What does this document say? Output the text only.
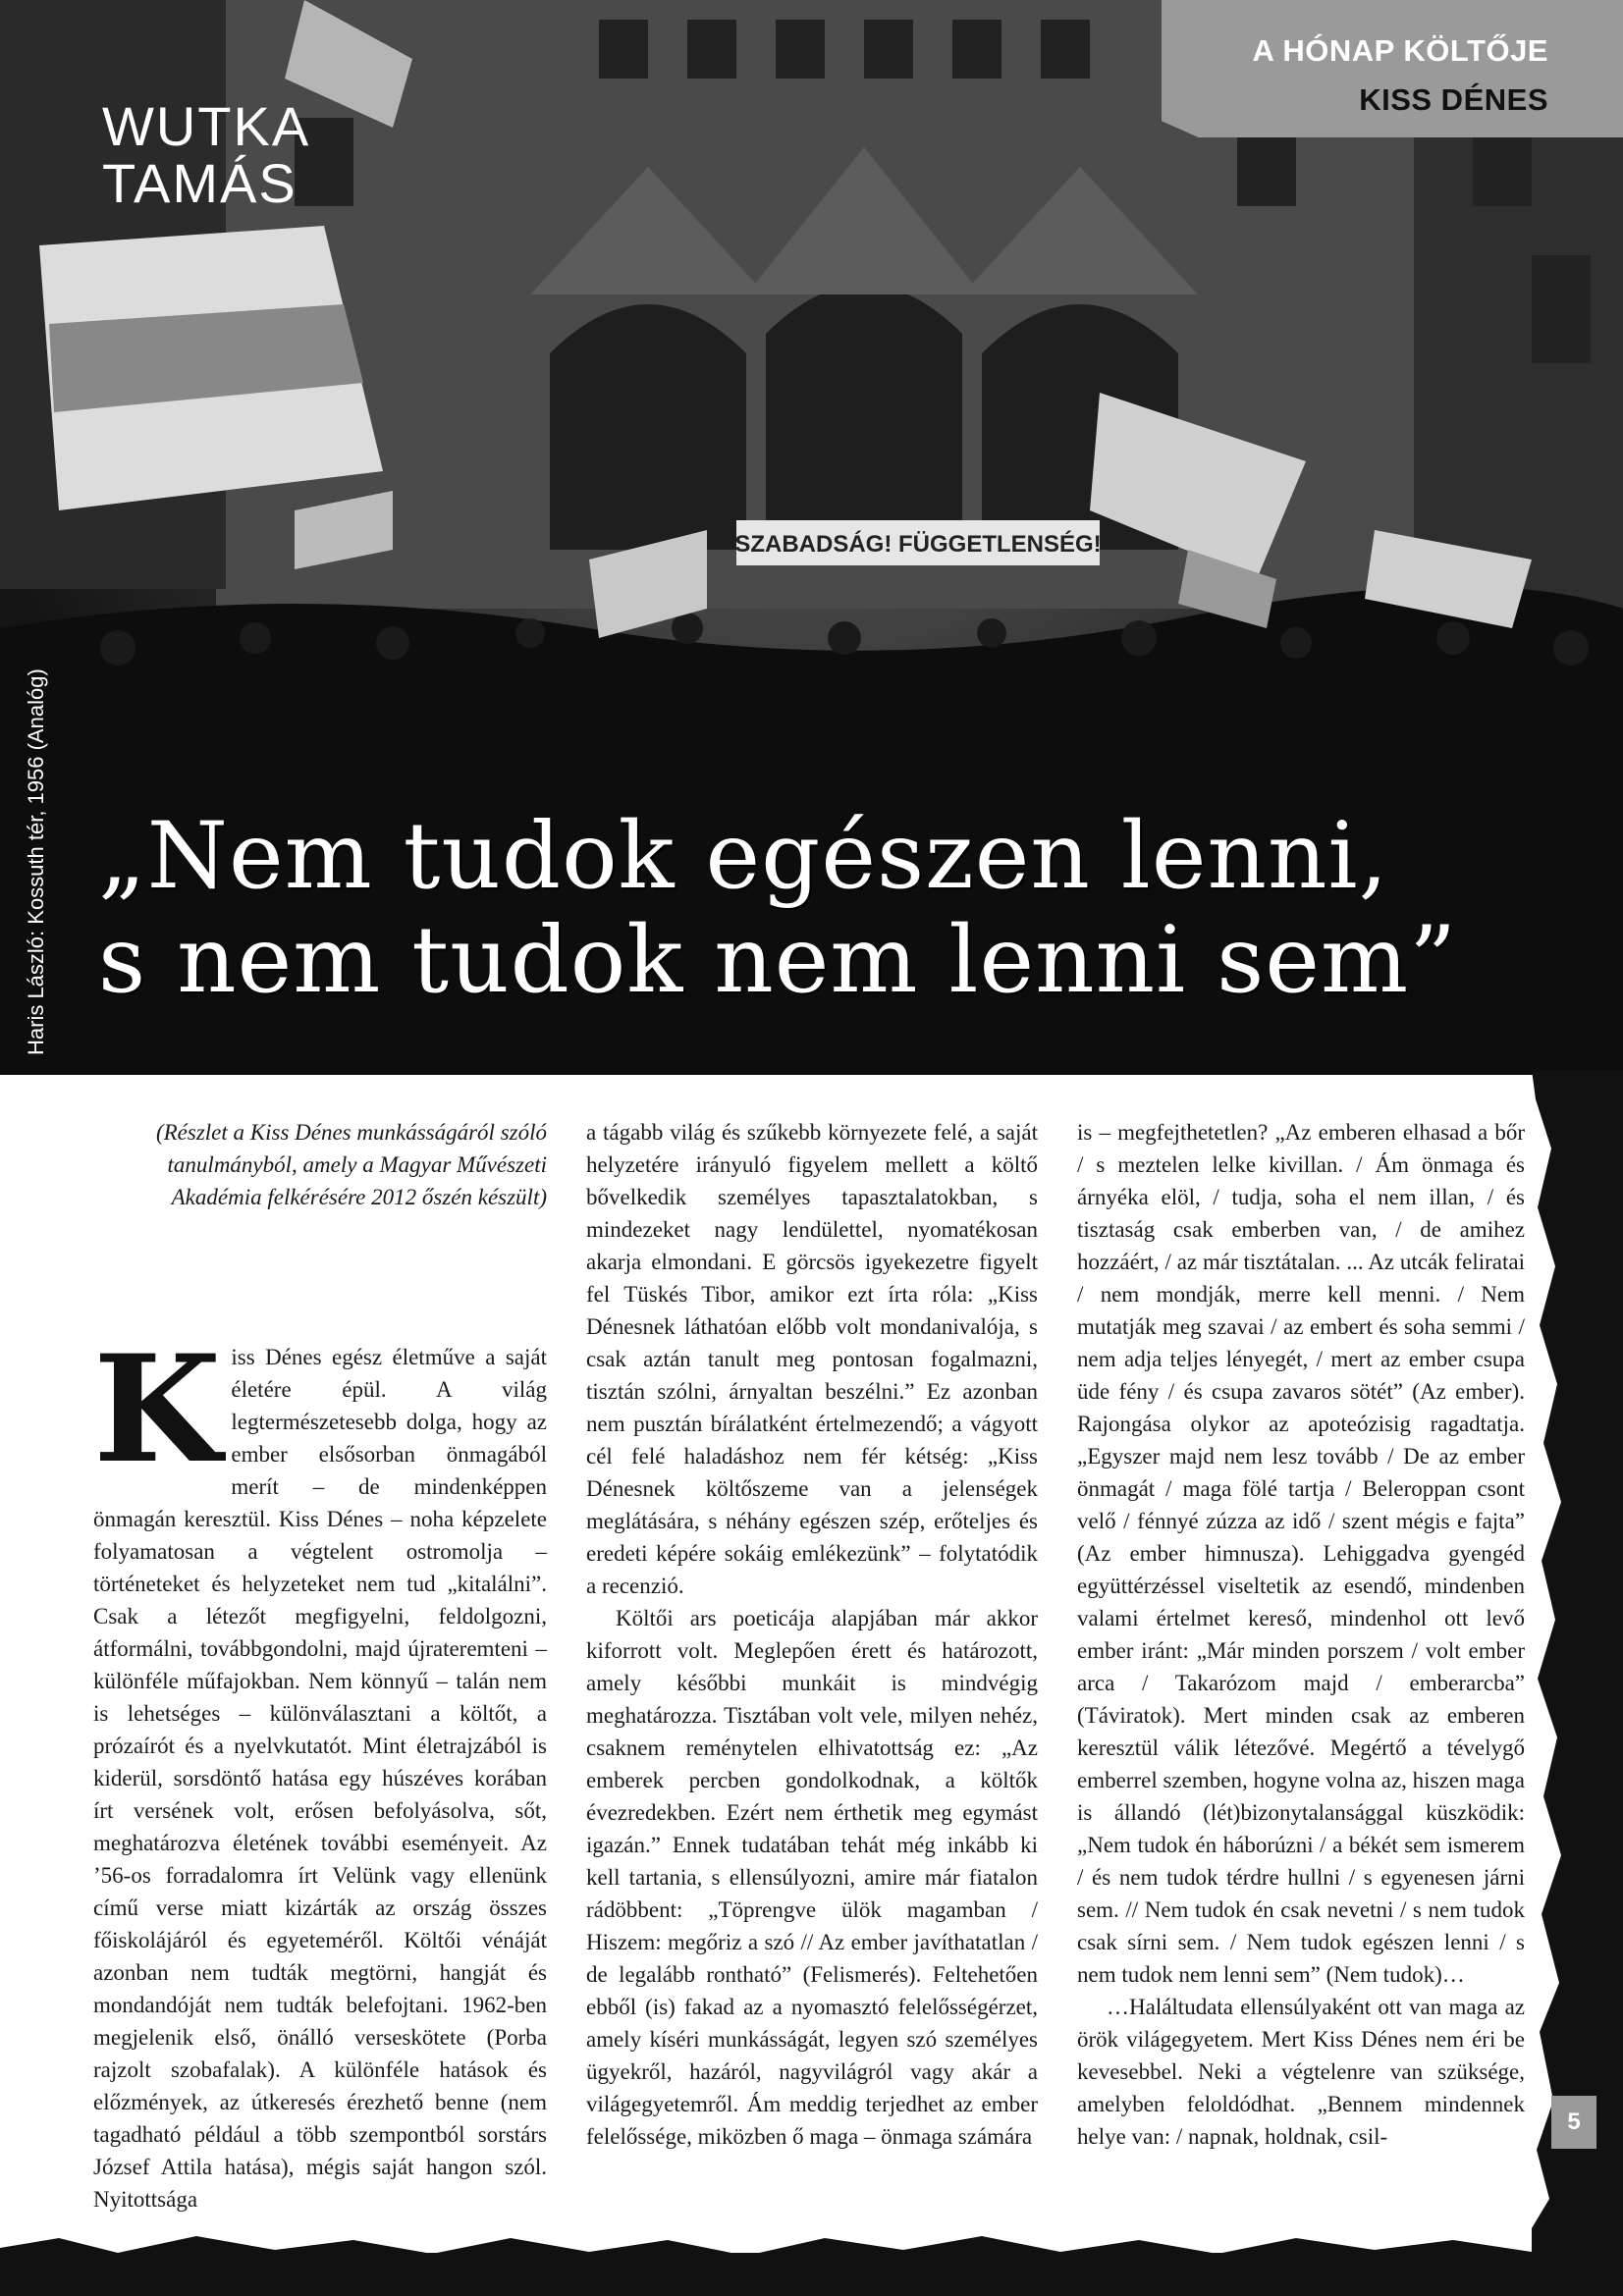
SZABADSÁG! FÜGGETLENSÉG!
A HÓNAP KÖLTŐJE
KISS DÉNES
WUTKA
TAMÁS
Haris László: Kossuth tér, 1956 (Analóg) „Nem tudok egészen lenni,
s nem tudok nem lenni sem”

(Részlet a Kiss Dénes munkásságáról szóló tanulmányból, amely a Magyar Művészeti Akadémia felkérésére 2012 őszén készült)

Kiss Dénes egész életműve a saját életére épül. A világ legtermészetesebb dolga, hogy az ember elsősorban önmagából merít – de mindenképpen önmagán keresztül. Kiss Dénes – noha képzelete folyamatosan a végtelent ostromolja – történeteket és helyzeteket nem tud „kitalálni”. Csak a létezőt megfigyelni, feldolgozni, átformálni, továbbgondolni, majd újrateremteni – különféle műfajokban. Nem könnyű – talán nem is lehetséges – különválasztani a költőt, a prózaírót és a nyelvkutatót. Mint életrajzából is kiderül, sorsdöntő hatása egy húszéves korában írt versének volt, erősen befolyásolva, sőt, meghatározva életének további eseményeit. Az ’56-os forradalomra írt Velünk vagy ellenünk című verse miatt kizárták az ország összes főiskolájáról és egyeteméről. Költői vénáját azonban nem tudták megtörni, hangját és mondandóját nem tudták belefojtani. 1962-ben megjelenik első, önálló verseskötete (Porba rajzolt szobafalak). A különféle hatások és előzmények, az útkeresés érezhető benne (nem tagadható például a több szempontból sorstárs József Attila hatása), mégis saját hangon szól. Nyitottsága

a tágabb világ és szűkebb környezete felé, a saját helyzetére irányuló figyelem mellett a költő bővelkedik személyes tapasztalatokban, s mindezeket nagy lendülettel, nyomatékosan akarja elmondani. E görcsös igyekezetre figyelt fel Tüskés Tibor, amikor ezt írta róla: „Kiss Dénesnek láthatóan előbb volt mondanivalója, s csak aztán tanult meg pontosan fogalmazni, tisztán szólni, árnyaltan beszélni.” Ez azonban nem pusztán bírálatként értelmezendő; a vágyott cél felé haladáshoz nem fér kétség: „Kiss Dénesnek költőszeme van a jelenségek meglátására, s néhány egészen szép, erőteljes és eredeti képére sokáig emlékezünk” – folytatódik a recenzió.

Költői ars poeticája alapjában már akkor kiforrott volt. Meglepően érett és határozott, amely későbbi munkáit is mindvégig meghatározza. Tisztában volt vele, milyen nehéz, csaknem reménytelen elhivatottság ez: „Az emberek percben gondolkodnak, a költők évezredekben. Ezért nem érthetik meg egymást igazán.” Ennek tudatában tehát még inkább ki kell tartania, s ellensúlyozni, amire már fiatalon rádöbbent: „Töprengve ülök magamban / Hiszem: megőriz a szó // Az ember javíthatatlan / de legalább rontható” (Felismerés). Feltehetően ebből (is) fakad az a nyomasztó felelősségérzet, amely kíséri munkásságát, legyen szó személyes ügyekről, hazáról, nagyvilágról vagy akár a világegyetemről. Ám meddig terjedhet az ember felelőssége, miközben ő maga – önmaga számára

is – megfejthetetlen? „Az emberen elhasad a bőr / s meztelen lelke kivillan. / Ám önmaga és árnyéka elöl, / tudja, soha el nem illan, / és tisztaság csak emberben van, / de amihez hozzáért, / az már tisztátalan. ... Az utcák feliratai / nem mondják, merre kell menni. / Nem mutatják meg szavai / az embert és soha semmi / nem adja teljes lényegét, / mert az ember csupa üde fény / és csupa zavaros sötét” (Az ember). Rajongása olykor az apoteózisig ragadtatja. „Egyszer majd nem lesz tovább / De az ember önmagát / maga fölé tartja / Beleroppan csont velő / fénnyé zúzza az idő / szent mégis e fajta” (Az ember himnusza). Lehiggadva gyengéd együttérzéssel viseltetik az esendő, mindenben valami értelmet kereső, mindenhol ott levő ember iránt: „Már minden porszem / volt ember arca / Takarózom majd / emberarcba” (Táviratok). Mert minden csak az emberen keresztül válik létezővé. Megértő a tévelygő emberrel szemben, hogyne volna az, hiszen maga is állandó (lét)bizonytalansággal küszködik: „Nem tudok én háborúzni / a békét sem ismerem / és nem tudok térdre hullni / s egyenesen járni sem. // Nem tudok én csak nevetni / s nem tudok csak sírni sem. / Nem tudok egészen lenni / s nem tudok nem lenni sem” (Nem tudok)…

…Haláltudata ellensúlyaként ott van maga az örök világegyetem. Mert Kiss Dénes nem éri be kevesebbel. Neki a végtelenre van szüksége, amelyben feloldódhat. „Bennem mindennek helye van: / napnak, holdnak, csil-

5
